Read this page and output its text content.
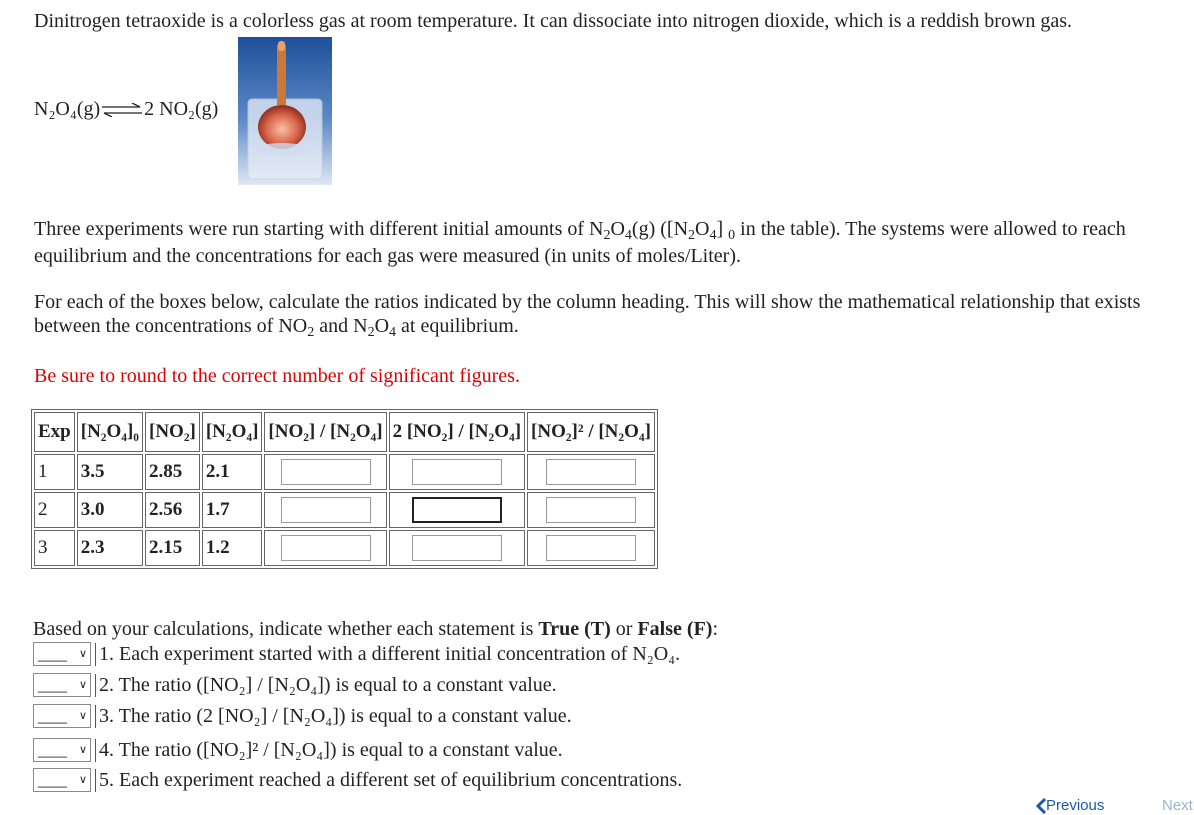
Dinitrogen tetraoxide is a colorless gas at room temperature. It can dissociate into nitrogen dioxide, which is a reddish brown gas.

N₂O₄(g) ⇌ 2 NO₂(g)

Three experiments were run starting with different initial amounts of $N_2O_4(g)$ ($[N_2O_4]$ $_0$ in the table). The systems were allowed to reach equilibrium and the concentrations for each gas were measured (in units of moles/Liter).

For each of the boxes below, calculate the ratios indicated by the column heading. This will show the mathematical relationship that exists between the concentrations of $NO_2$ and $N_2O_4$ at equilibrium.

Be sure to round to the correct number of significant figures.

Exp	[N₂O₄]₀	[NO₂]	[N₂O₄]	[NO₂] / [N₂O₄]	2 [NO₂] / [N₂O₄]	[NO₂]² / [N₂O₄]
1	3.5	2.85	2.1	

2	3.0	2.56	1.7	

3	2.3	2.15	1.2	

Based on your calculations, indicate whether each statement is True (T) or False (F):

____ ∨ 1. Each experiment started with a different initial concentration of N₂O₄.
____ ∨ 2. The ratio ([NO₂] / [N₂O₄]) is equal to a constant value.
____ ∨ 3. The ratio (2 [NO₂] / [N₂O₄]) is equal to a constant value.
____ ∨ 4. The ratio ([NO₂]² / [N₂O₄]) is equal to a constant value.
____ ∨ 5. Each experiment reached a different set of equilibrium concentrations.
Previous	Next
